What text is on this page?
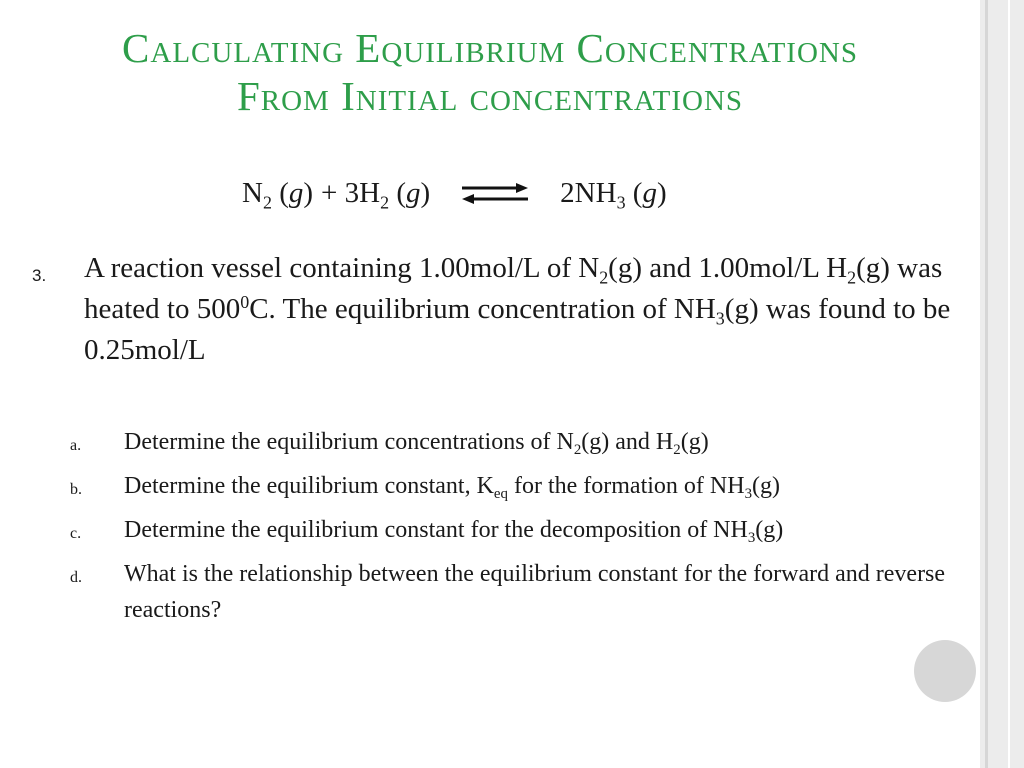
Calculating Equilibrium Concentrations
From Initial concentrations
$N_2$ $(g) + 3H_2$ (g) ⇌ $2NH_3$ (g)
3. A reaction vessel containing 1.00mol/L of $N_2(g)$ and 1.00mol/L $H_2(g)$ was heated to $500^0C$. The equilibrium concentration of $NH_3(g)$ was found to be 0.25mol/L
a.	Determine the equilibrium concentrations of $N_2(g)$ and $H_2(g)$
b.	Determine the equilibrium constant, $K_{eq}$ for the formation of $NH_3(g)$
c.	Determine the equilibrium constant for the decomposition of $NH_3(g)$
d.	What is the relationship between the equilibrium constant for the forward and reverse reactions?
